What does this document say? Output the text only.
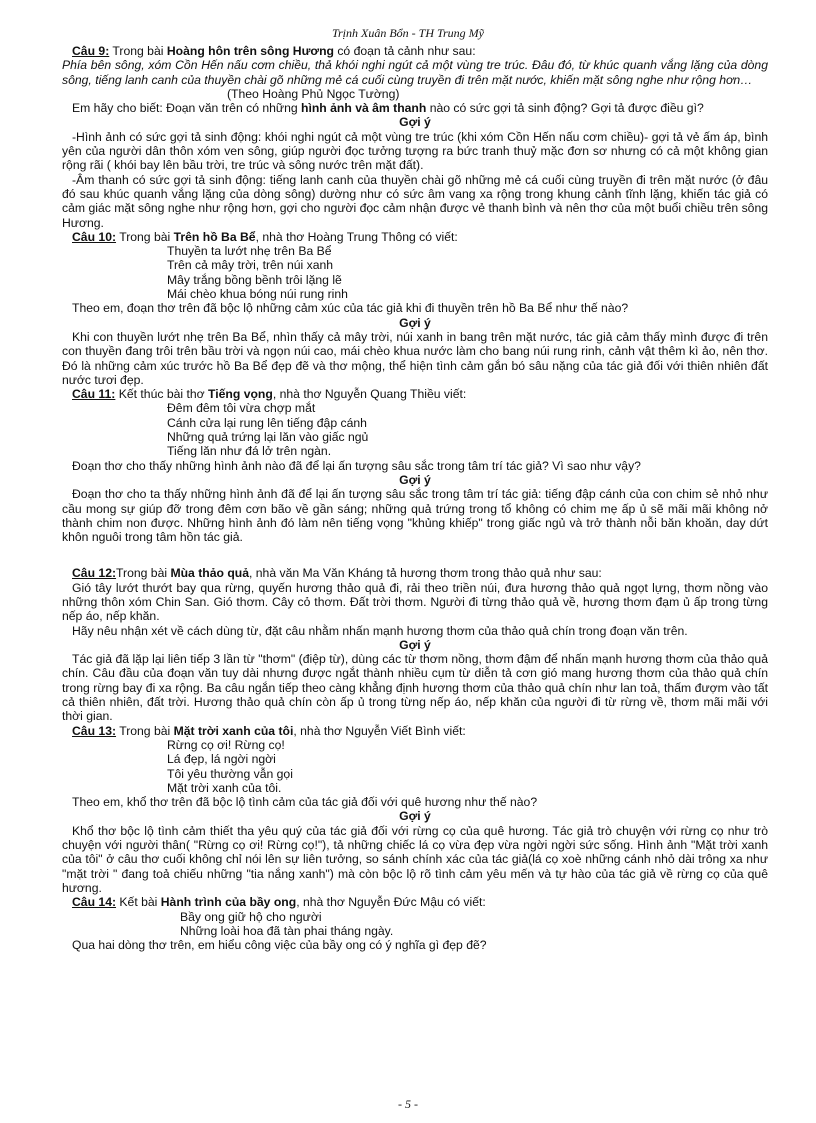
Trịnh Xuân Bổn - TH Trung Mỹ

Câu 9: Trong bài Hoàng hôn trên sông Hương có đoạn tả cảnh như sau:

Phía bên sông, xóm Cồn Hến nấu cơm chiều, thả khói nghi ngút cả một vùng tre trúc. Đâu đó, từ khúc quanh vắng lặng của dòng sông, tiếng lanh canh của thuyền chài gõ những mẻ cá cuối cùng truyền đi trên mặt nước, khiến mặt sông nghe như rộng hơn…

(Theo Hoàng Phủ Ngọc Tường)

Em hãy cho biết: Đoạn văn trên có những hình ảnh và âm thanh nào có sức gợi tả sinh động? Gợi tả được điều gì?

Gợi ý

-Hình ảnh có sức gợi tả sinh động: khói nghi ngút cả một vùng tre trúc (khi xóm Cồn Hến nấu cơm chiều)- gợi tả vẻ ấm áp, bình yên của người dân thôn xóm ven sông, giúp người đọc tưởng tượng ra bức tranh thuỷ mặc đơn sơ nhưng có cả một không gian rộng rãi ( khói bay lên bầu trời, tre trúc và sông nước trên mặt đất).

-Âm thanh có sức gợi tả sinh động: tiếng lanh canh của thuyền chài gõ những mẻ cá cuối cùng truyền đi trên mặt nước (ở đâu đó sau khúc quanh vắng lặng của dòng sông) dường như có sức âm vang xa rộng trong khung cảnh tĩnh lặng, khiến tác giả có cảm giác mặt sông nghe như rộng hơn, gợi cho người đọc cảm nhận được vẻ thanh bình và nên thơ của một buổi chiều trên sông Hương.

Câu 10: Trong bài Trên hồ Ba Bể, nhà thơ Hoàng Trung Thông có viết:

Thuyền ta lướt nhẹ trên Ba Bể

Trên cả mây trời, trên núi xanh

Mây trắng bồng bềnh trôi lặng lẽ

Mái chèo khua bóng núi rung rinh

Theo em, đoạn thơ trên đã bộc lộ những cảm xúc của tác giả khi đi thuyền trên hồ Ba Bể như thế nào?

Gợi ý

Khi con thuyền lướt nhẹ trên Ba Bể, nhìn thấy cả mây trời, núi xanh in bang trên mặt nước, tác giả cảm thấy mình được đi trên con thuyền đang trôi trên bầu trời và ngọn núi cao, mái chèo khua nước làm cho bang núi rung rinh, cảnh vật thêm kì ảo, nên thơ. Đó là những cảm xúc trước hồ Ba Bể đẹp đẽ và thơ mộng, thể hiện tình cảm gắn bó sâu nặng của tác giả đối với thiên nhiên đất nước tươi đẹp.

Câu 11: Kết thúc bài thơ Tiếng vọng, nhà thơ Nguyễn Quang Thiều viết:

Đêm đêm tôi vừa chợp mắt

Cánh cửa lại rung lên tiếng đập cánh

Những quả trứng lại lăn vào giấc ngủ

Tiếng lăn như đá lở trên ngàn.

Đoạn thơ cho thấy những hình ảnh nào đã để lại ấn tượng sâu sắc trong tâm trí tác giả? Vì sao như vậy?

Gợi ý

Đoạn thơ cho ta thấy những hình ảnh đã để lại ấn tượng sâu sắc trong tâm trí tác giả: tiếng đập cánh của con chim sẻ nhỏ như cầu mong sự giúp đỡ trong đêm cơn bão về gần sáng; những quả trứng trong tổ không có chim mẹ ấp ủ sẽ mãi mãi không nở thành chim non được. Những hình ảnh đó làm nên tiếng vọng "khủng khiếp" trong giấc ngủ và trở thành nỗi băn khoăn, day dứt khôn nguôi trong tâm hồn tác giả.

Câu 12:Trong bài Mùa thảo quả, nhà văn Ma Văn Kháng tả hương thơm trong thảo quả như sau:

Gió tây lướt thướt bay qua rừng, quyến hương thảo quả đi, rải theo triền núi, đưa hương thảo quả ngọt lựng, thơm nồng vào những thôn xóm Chin San. Gió thơm. Cây cỏ thơm. Đất trời thơm. Người đi từng thảo quả về, hương thơm đạm ủ ấp trong từng nếp áo, nếp khăn.

Hãy nêu nhận xét về cách dùng từ, đặt câu nhằm nhấn mạnh hương thơm của thảo quả chín trong đoạn văn trên.

Gợi ý

Tác giả đã lặp lại liên tiếp 3 lần từ "thơm" (điệp từ), dùng các từ thơm nồng, thơm đậm để nhấn mạnh hương thơm của thảo quả chín. Câu đầu của đoạn văn tuy dài nhưng được ngắt thành nhiều cụm từ diễn tả cơn gió mang hương thơm của thảo quả chín trong rừng bay đi xa rộng. Ba câu ngắn tiếp theo càng khẳng định hương thơm của thảo quả chín như lan toả, thấm đượm vào tất cả thiên nhiên, đất trời. Hương thảo quả chín còn ấp ủ trong từng nếp áo, nếp khăn của người đi từ rừng về, thơm mãi mãi với thời gian.

Câu 13: Trong bài Mặt trời xanh của tôi, nhà thơ Nguyễn Viết Bình viết:

Rừng cọ ơi! Rừng cọ!

Lá đẹp, lá ngời ngời

Tôi yêu thường vẫn gọi

Mặt trời xanh của tôi.

Theo em, khổ thơ trên đã bộc lộ tình cảm của tác giả đối với quê hương như thế nào?

Gợi ý

Khổ thơ bộc lộ tình cảm thiết tha yêu quý của tác giả đối với rừng cọ của quê hương. Tác giả trò chuyện với rừng cọ như trò chuyện với người thân( "Rừng cọ ơi! Rừng cọ!"), tả những chiếc lá cọ vừa đẹp vừa ngời ngời sức sống. Hình ảnh "Mặt trời xanh của tôi" ở câu thơ cuối không chỉ nói lên sự liên tưởng, so sánh chính xác của tác giả(lá cọ xoè những cánh nhỏ dài trông xa như "mặt trời " đang toả chiếu những "tia nắng xanh") mà còn bộc lộ rõ tình cảm yêu mến và tự hào của tác giả về rừng cọ của quê hương.

Câu 14: Kết bài Hành trình của bầy ong, nhà thơ Nguyễn Đức Mậu có viết:

Bầy ong giữ hộ cho người

Những loài hoa đã tàn phai tháng ngày.

Qua hai dòng thơ trên, em hiểu công việc của bầy ong có ý nghĩa gì đẹp đẽ?

- 5 -
